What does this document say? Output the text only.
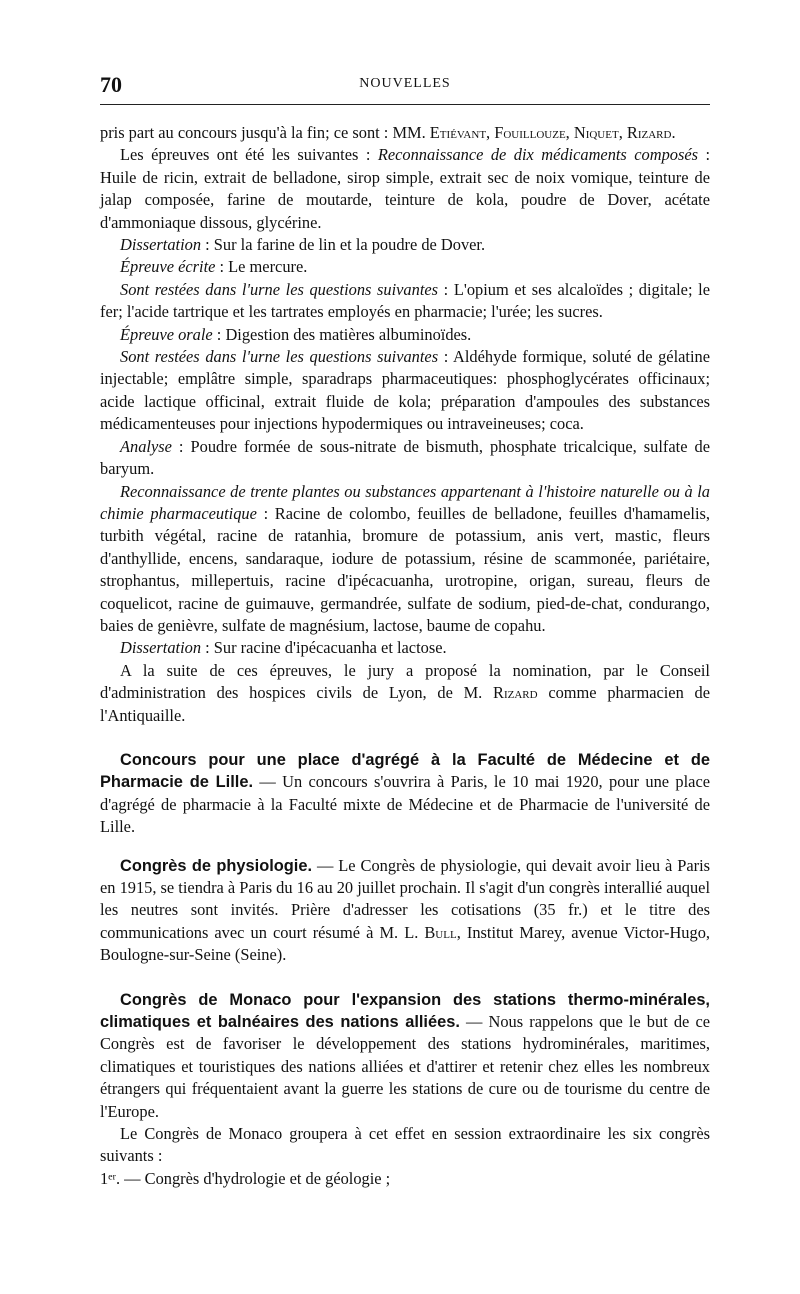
70	NOUVELLES

pris part au concours jusqu'à la fin; ce sont : MM. Etiévant, Fouillouze, Niquet, Rizard.

Les épreuves ont été les suivantes : Reconnaissance de dix médicaments composés : Huile de ricin, extrait de belladone, sirop simple, extrait sec de noix vomique, teinture de jalap composée, farine de moutarde, teinture de kola, poudre de Dover, acétate d'ammoniaque dissous, glycérine.

Dissertation : Sur la farine de lin et la poudre de Dover.

Épreuve écrite : Le mercure.

Sont restées dans l'urne les questions suivantes : L'opium et ses alcaloïdes ; digitale; le fer; l'acide tartrique et les tartrates employés en pharmacie; l'urée; les sucres.

Épreuve orale : Digestion des matières albuminoïdes.

Sont restées dans l'urne les questions suivantes : Aldéhyde formique, soluté de gélatine injectable; emplâtre simple, sparadraps pharmaceutiques: phosphoglycérates officinaux; acide lactique officinal, extrait fluide de kola; préparation d'ampoules des substances médicamenteuses pour injections hypodermiques ou intraveineuses; coca.

Analyse : Poudre formée de sous-nitrate de bismuth, phosphate tricalcique, sulfate de baryum.

Reconnaissance de trente plantes ou substances appartenant à l'histoire naturelle ou à la chimie pharmaceutique : Racine de colombo, feuilles de belladone, feuilles d'hamamelis, turbith végétal, racine de ratanhia, bromure de potassium, anis vert, mastic, fleurs d'anthyllide, encens, sandaraque, iodure de potassium, résine de scammonée, pariétaire, strophantus, millepertuis, racine d'ipécacuanha, urotropine, origan, sureau, fleurs de coquelicot, racine de guimauve, germandrée, sulfate de sodium, pied-de-chat, condurango, baies de genièvre, sulfate de magnésium, lactose, baume de copahu.

Dissertation : Sur racine d'ipécacuanha et lactose.

A la suite de ces épreuves, le jury a proposé la nomination, par le Conseil d'administration des hospices civils de Lyon, de M. Rizard comme pharmacien de l'Antiquaille.

Concours pour une place d'agrégé à la Faculté de Médecine et de Pharmacie de Lille. — Un concours s'ouvrira à Paris, le 10 mai 1920, pour une place d'agrégé de pharmacie à la Faculté mixte de Médecine et de Pharmacie de l'université de Lille.

Congrès de physiologie. — Le Congrès de physiologie, qui devait avoir lieu à Paris en 1915, se tiendra à Paris du 16 au 20 juillet prochain. Il s'agit d'un congrès interallié auquel les neutres sont invités. Prière d'adresser les cotisations (35 fr.) et le titre des communications avec un court résumé à M. L. Bull, Institut Marey, avenue Victor-Hugo, Boulogne-sur-Seine (Seine).

Congrès de Monaco pour l'expansion des stations thermo-minérales, climatiques et balnéaires des nations alliées. — Nous rappelons que le but de ce Congrès est de favoriser le développement des stations hydrominérales, maritimes, climatiques et touristiques des nations alliées et d'attirer et retenir chez elles les nombreux étrangers qui fréquentaient avant la guerre les stations de cure ou de tourisme du centre de l'Europe.

Le Congrès de Monaco groupera à cet effet en session extraordinaire les six congrès suivants :

1ᵉʳ. — Congrès d'hydrologie et de géologie ;
